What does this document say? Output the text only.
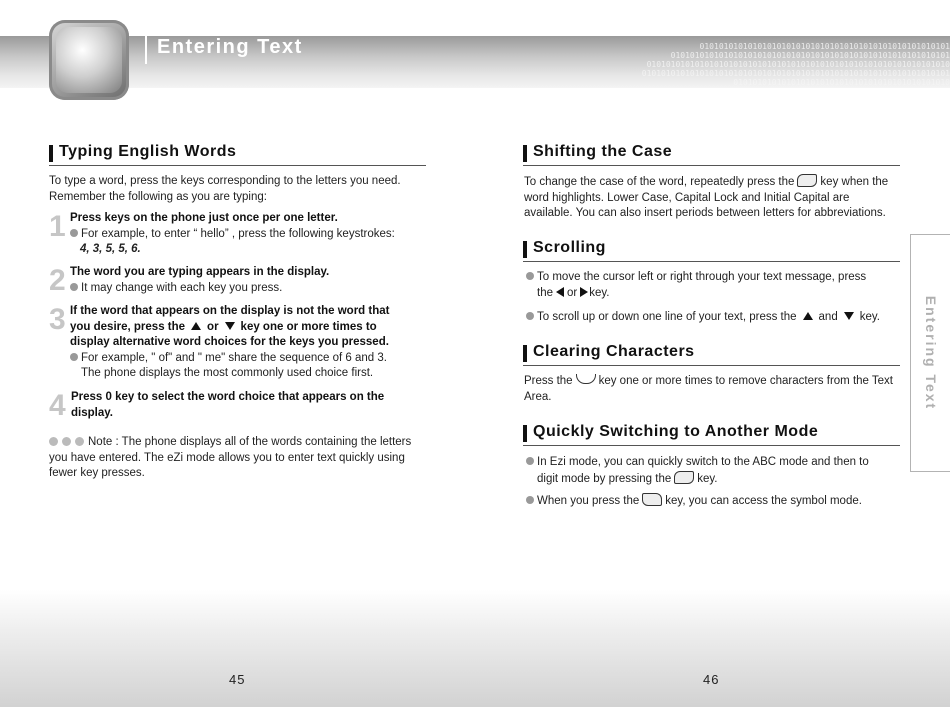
0101010101010101010101010101010101010101010101010101
0101010101010101010101010101010101010101010101010101010101
010101010101010101010101010101010101010101010101010101010101010
0101010101010101010101010101010101010101010101010101010101010101
010101010101010101010101010101010101010101010
Entering Text
Entering Text
Typing English Words
To type a word, press the keys corresponding to the letters you need. Remember the following as you are typing:
1 Press keys on the phone just once per one letter.
For example, to enter “ hello” , press the following keystrokes:
4, 3, 5, 5, 6.
2 The word you are typing appears in the display.
It may change with each key you press.
3 If the word that appears on the display is not the word that
you desire, press the or key one or more times to
display alternative word choices for the keys you pressed.
For example, " of" and " me" share the sequence of 6 and 3.
The phone displays the most commonly used choice first.
4 Press 0 key to select the word choice that appears on the display.
Note : The phone displays all of the words containing the letters you have entered. The eZi mode allows you to enter text quickly using fewer key presses.
Shifting the Case
To change the case of the word, repeatedly press the key when the word highlights. Lower Case, Capital Lock and Initial Capital are available. You can also insert periods between letters for abbreviations.
Scrolling
To move the cursor left or right through your text message, press
the or key.
To scroll up or down one line of your text, press the and key.
Clearing Characters
Press the key one or more times to remove characters from the Text Area.
Quickly Switching to Another Mode
In Ezi mode, you can quickly switch to the ABC mode and then to
digit mode by pressing the key.
When you press the key, you can access the symbol mode.
45	46
